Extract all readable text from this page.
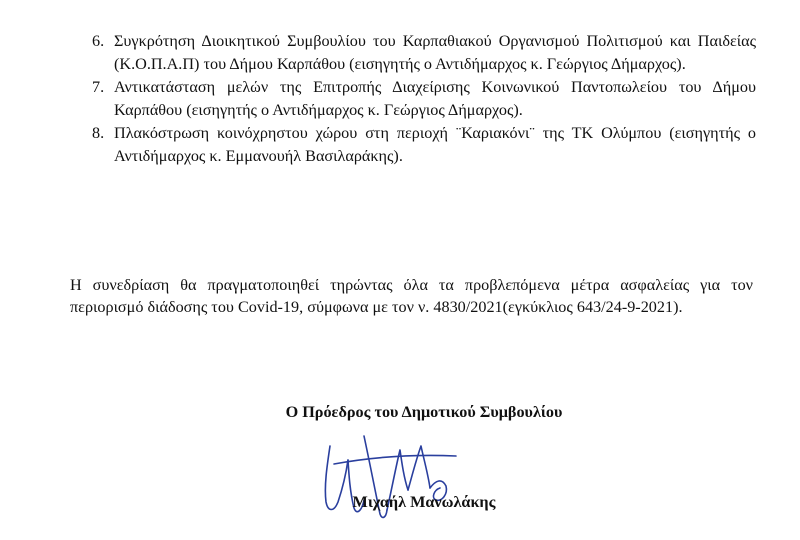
6. Συγκρότηση Διοικητικού Συμβουλίου του Καρπαθιακού Οργανισμού Πολιτισμού και Παιδείας (Κ.Ο.Π.Α.Π) του Δήμου Καρπάθου (εισηγητής ο Αντιδήμαρχος κ. Γεώργιος Δήμαρχος).
7. Αντικατάσταση μελών της Επιτροπής Διαχείρισης Κοινωνικού Παντοπωλείου του Δήμου Καρπάθου (εισηγητής ο Αντιδήμαρχος κ. Γεώργιος Δήμαρχος).
8. Πλακόστρωση κοινόχρηστου χώρου στη περιοχή ¨Καριακόνι¨ της ΤΚ Ολύμπου (εισηγητής ο Αντιδήμαρχος κ. Εμμανουήλ Βασιλαράκης).

Η συνεδρίαση θα πραγματοποιηθεί τηρώντας όλα τα προβλεπόμενα μέτρα ασφαλείας για τον περιορισμό διάδοσης του Covid-19, σύμφωνα με τον ν. 4830/2021(εγκύκλιος 643/24-9-2021).

Ο Πρόεδρος του Δημοτικού Συμβουλίου
Μιχαήλ Μανωλάκης
